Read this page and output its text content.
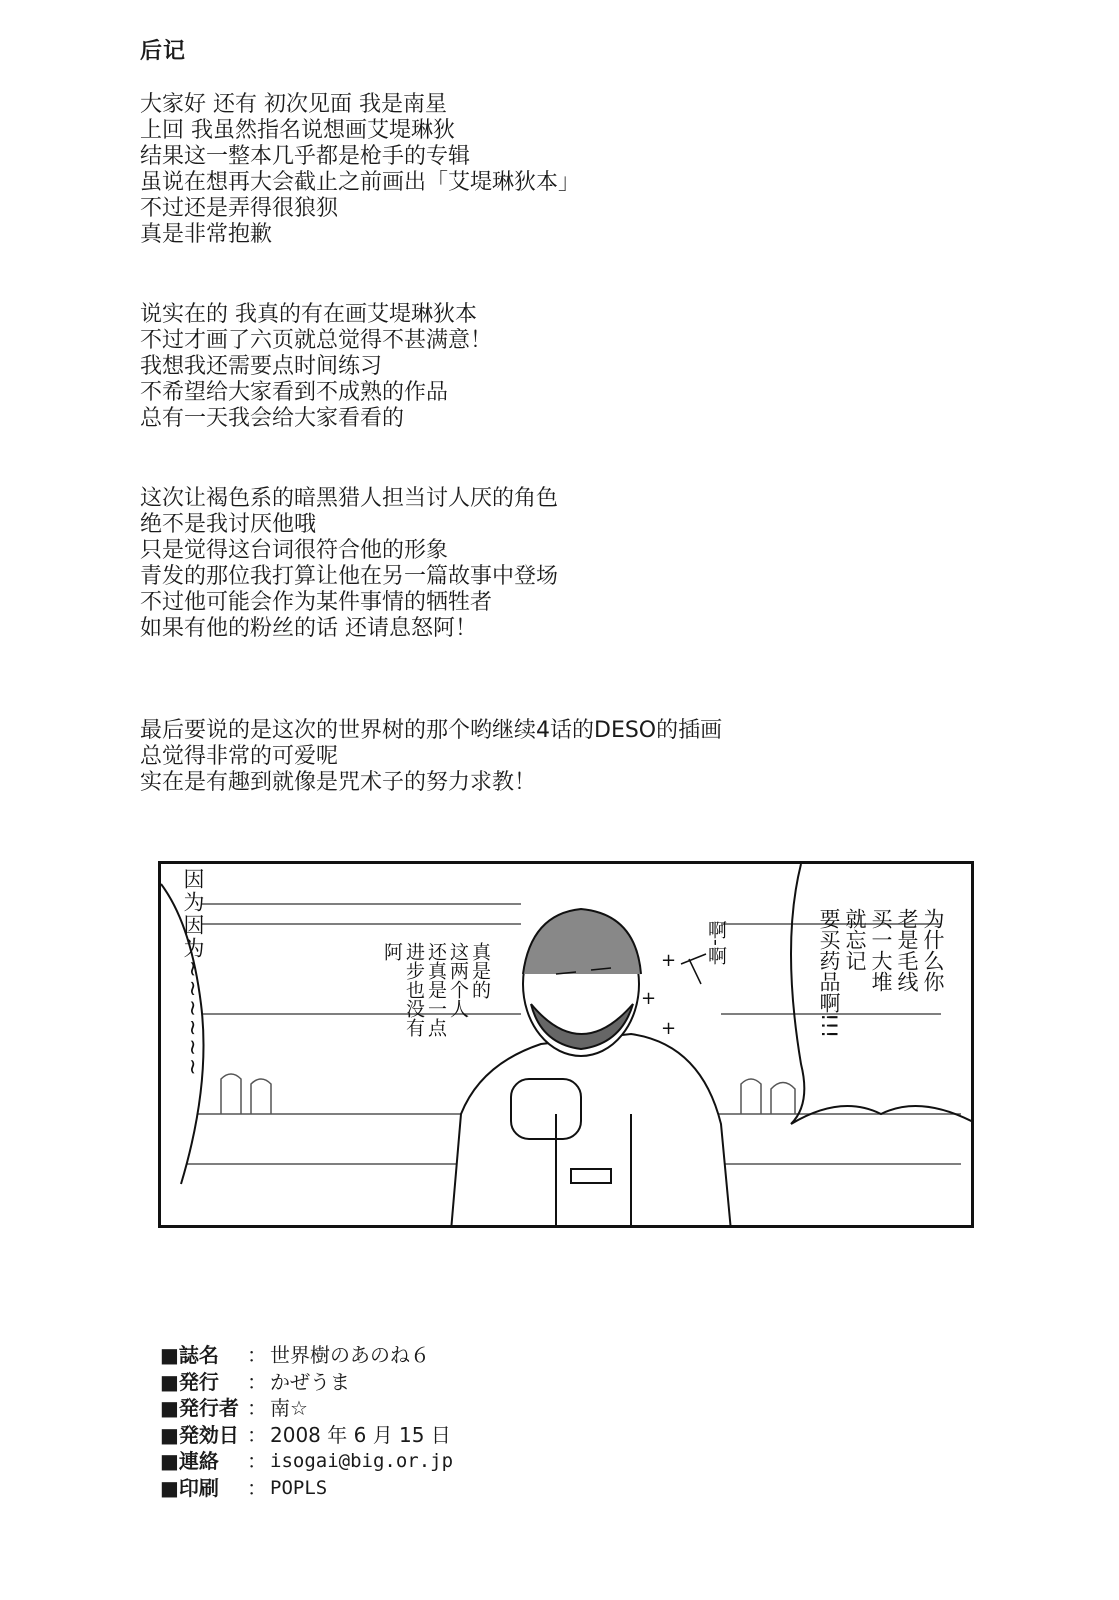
后记
大家好 还有 初次见面 我是南星
上回 我虽然指名说想画艾堤琳狄
结果这一整本几乎都是枪手的专辑
虽说在想再大会截止之前画出「艾堤琳狄本」
不过还是弄得很狼狈
真是非常抱歉
说实在的 我真的有在画艾堤琳狄本
不过才画了六页就总觉得不甚满意！
我想我还需要点时间练习
不希望给大家看到不成熟的作品
总有一天我会给大家看看的
这次让褐色系的暗黑猎人担当讨人厌的角色
绝不是我讨厌他哦
只是觉得这台词很符合他的形象
青发的那位我打算让他在另一篇故事中登场
不过他可能会作为某件事情的牺牲者
如果有他的粉丝的话 还请息怒阿！
最后要说的是这次的世界树的那个哟继续4话的DESO的插画
总觉得非常的可爱呢
实在是有趣到就像是咒术子的努力求教！
+
+
+
因为因为~~~~~~	真是的
这两个人
还真是一点
进步也没有
阿	啊-啊	为什么你
老是毛线
买一大堆
就忘记
要买药品啊!!!
■ 誌名	： 世界樹のあのね６
■ 発行	： かぜうま
■ 発行者 ： 南☆
■ 発効日 ： 2008 年 6 月 15 日
■ 連絡	： isogai@big.or.jp
■ 印刷	： POPLS
